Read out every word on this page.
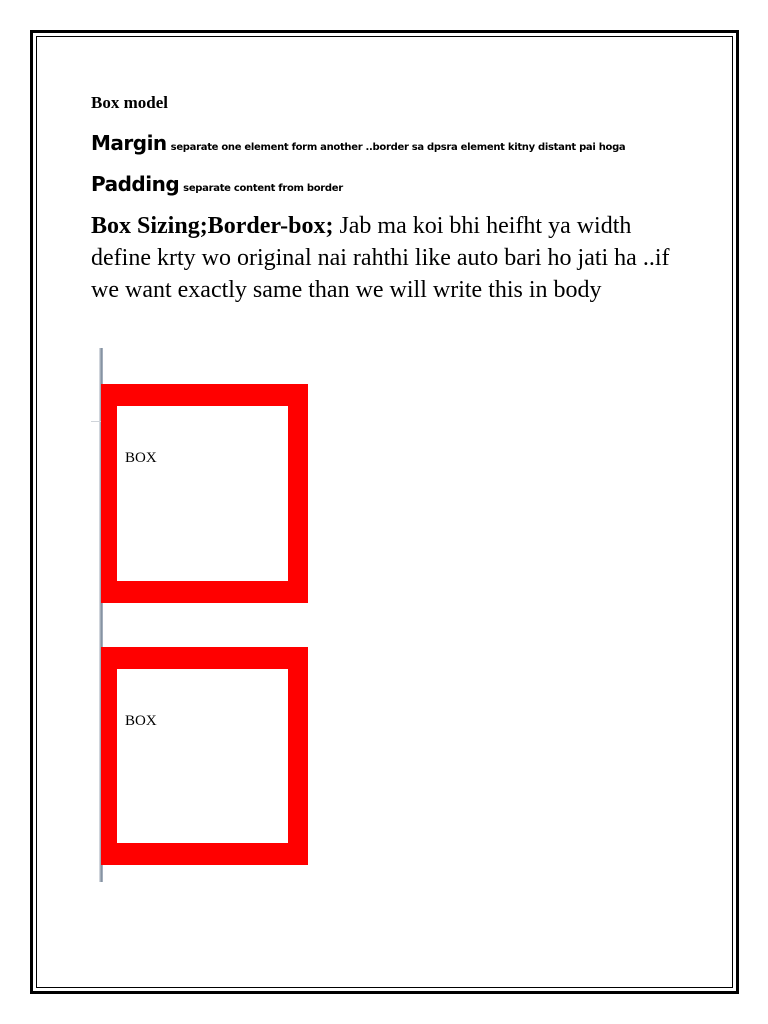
Box model
Margin separate one element form another ..border sa dpsra element kitny distant pai hoga
Padding separate content from border
Box Sizing;Border-box; Jab ma koi bhi heifht ya width define krty wo original nai rahthi like auto bari ho jati ha ..if we want exactly same than we will write this in body
BOX
BOX
